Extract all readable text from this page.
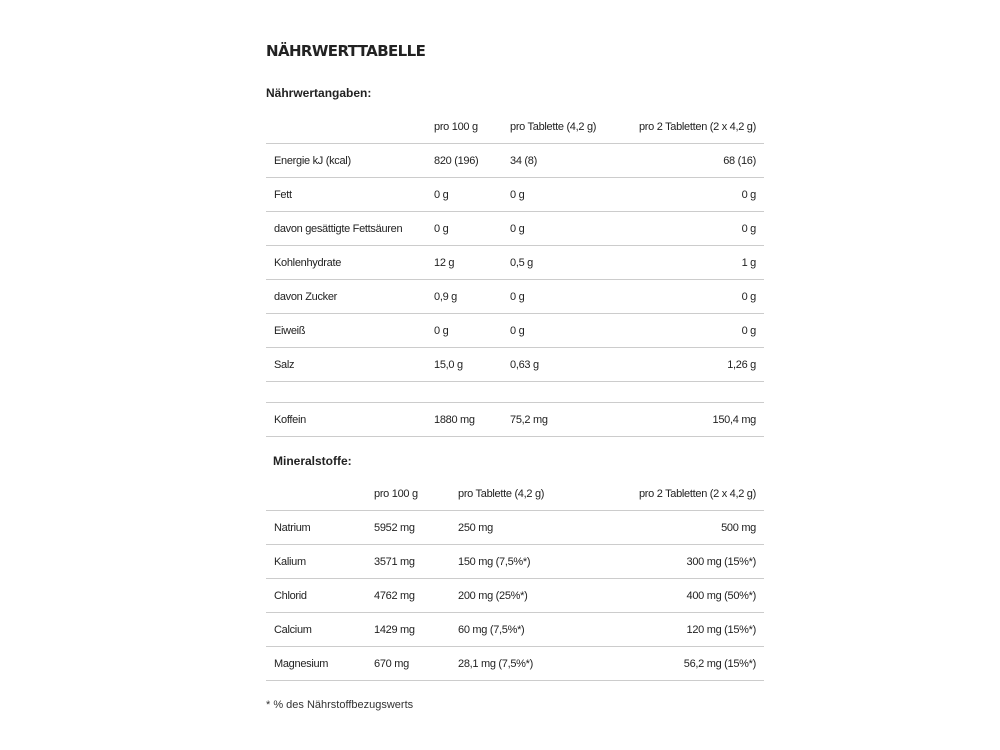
NÄHRWERTTABELLE
Nährwertangaben:
	pro 100 g	pro Tablette (4,2 g)	pro 2 Tabletten (2 x 4,2 g)
Energie kJ (kcal)	820 (196)	34 (8)	68 (16)
Fett	0 g	0 g	0 g
davon gesättigte Fettsäuren	0 g	0 g	0 g
Kohlenhydrate	12 g	0,5 g	1 g
davon Zucker	0,9 g	0 g	0 g
Eiweiß	0 g	0 g	0 g
Salz	15,0 g	0,63 g	1,26 g

Koffein	1880 mg	75,2 mg	150,4 mg
Mineralstoffe:
	pro 100 g	pro Tablette (4,2 g)	pro 2 Tabletten (2 x 4,2 g)
Natrium	5952 mg	250 mg	500 mg
Kalium	3571 mg	150 mg (7,5%*)	300 mg (15%*)
Chlorid	4762 mg	200 mg (25%*)	400 mg (50%*)
Calcium	1429 mg	60 mg (7,5%*)	120 mg (15%*)
Magnesium	670 mg	28,1 mg (7,5%*)	56,2 mg (15%*)

* % des Nährstoffbezugswerts
